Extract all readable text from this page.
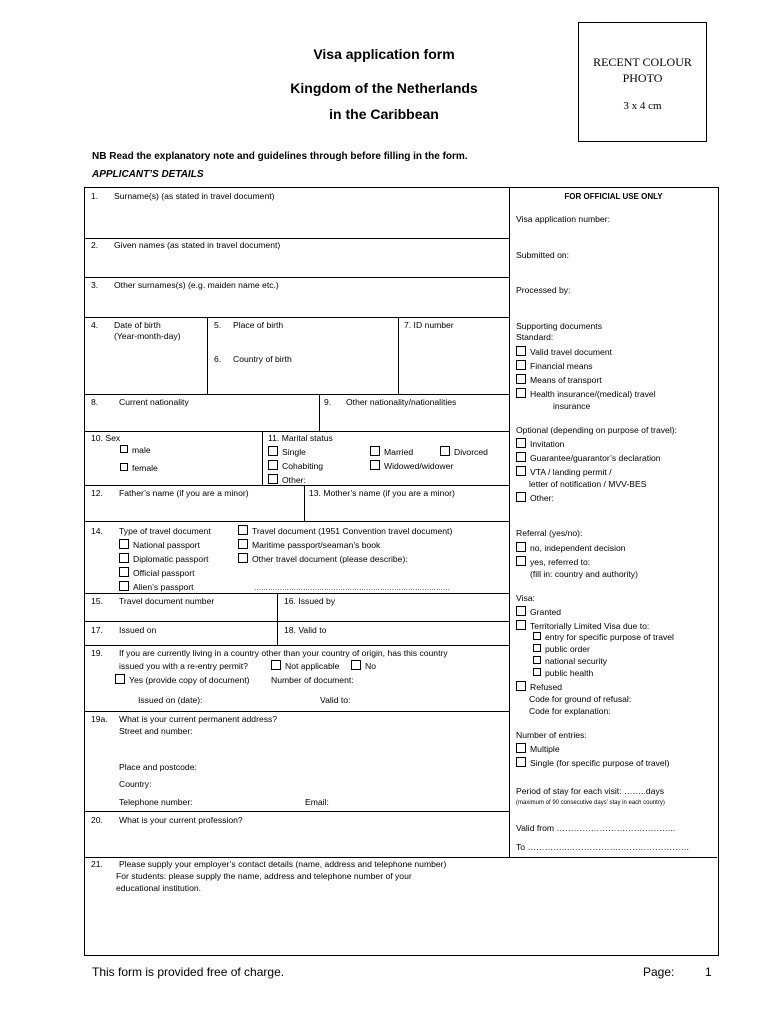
Visa application form
Kingdom of the Netherlands
in the Caribbean
RECENT COLOUR
PHOTO
3 x 4 cm
NB Read the explanatory note and guidelines through before filling in the form.
APPLICANT’S DETAILS
1. Surname(s) (as stated in travel document)
2. Given names (as stated in travel document)
3. Other surnames(s) (e.g. maiden name etc.)
4. Date of birth
(Year-month-day)
5. Place of birth
6. Country of birth
7. ID number
8. Current nationality	9. Other nationality/nationalities
10. Sex
male
female
11. Marital status
Single	Married	Divorced
Cohabiting	Widowed/widower
Other:
12. Father’s name (if you are a minor)	13. Mother’s name (if you are a minor)
14. Type of travel document	Travel document (1951 Convention travel document)
National passport	Maritime passport/seaman’s book
Diplomatic passport	Other travel document (please describe):
Official passport
Alien’s passport	…………………………………………………………………………
15. Travel document number	16. Issued by
17. Issued on	18. Valid to
19. If you are currently living in a country other than your country of origin, has this country
issued you with a re-entry permit?	Not applicable	No
Yes (provide copy of document) Number of document:
Issued on (date):	Valid to:
19a. What is your current permanent address?
Street and number:
Place and postcode:
Country:
Telephone number:	Email:
20. What is your current profession?
21. Please supply your employer’s contact details (name, address and telephone number)
For students: please supply the name, address and telephone number of your
educational institution.
FOR OFFICIAL USE ONLY
Visa application number:
Submitted on:
Processed by:
Supporting documents
Standard:
Valid travel document
Financial means
Means of transport
Health insurance/(medical) travel
insurance
Optional (depending on purpose of travel):
Invitation
Guarantee/guarantor’s declaration
VTA / landing permit /
letter of notification / MVV-BES
Other:
Referral (yes/no):
no, independent decision
yes, referred to:
(fill in: country and authority)
Visa:
Granted
Territorially Limited Visa due to:
entry for specific purpose of travel
public order
national security
public health
Refused
Code for ground of refusal:
Code for explanation:
Number of entries:
Multiple
Single (for specific purpose of travel)
Period of stay for each visit: ……..days
(maximum of 90 consecutive days’ stay in each country)
Valid from ………………………….………..
To …………..……………….……………………
This form is provided free of charge.	Page:	1
